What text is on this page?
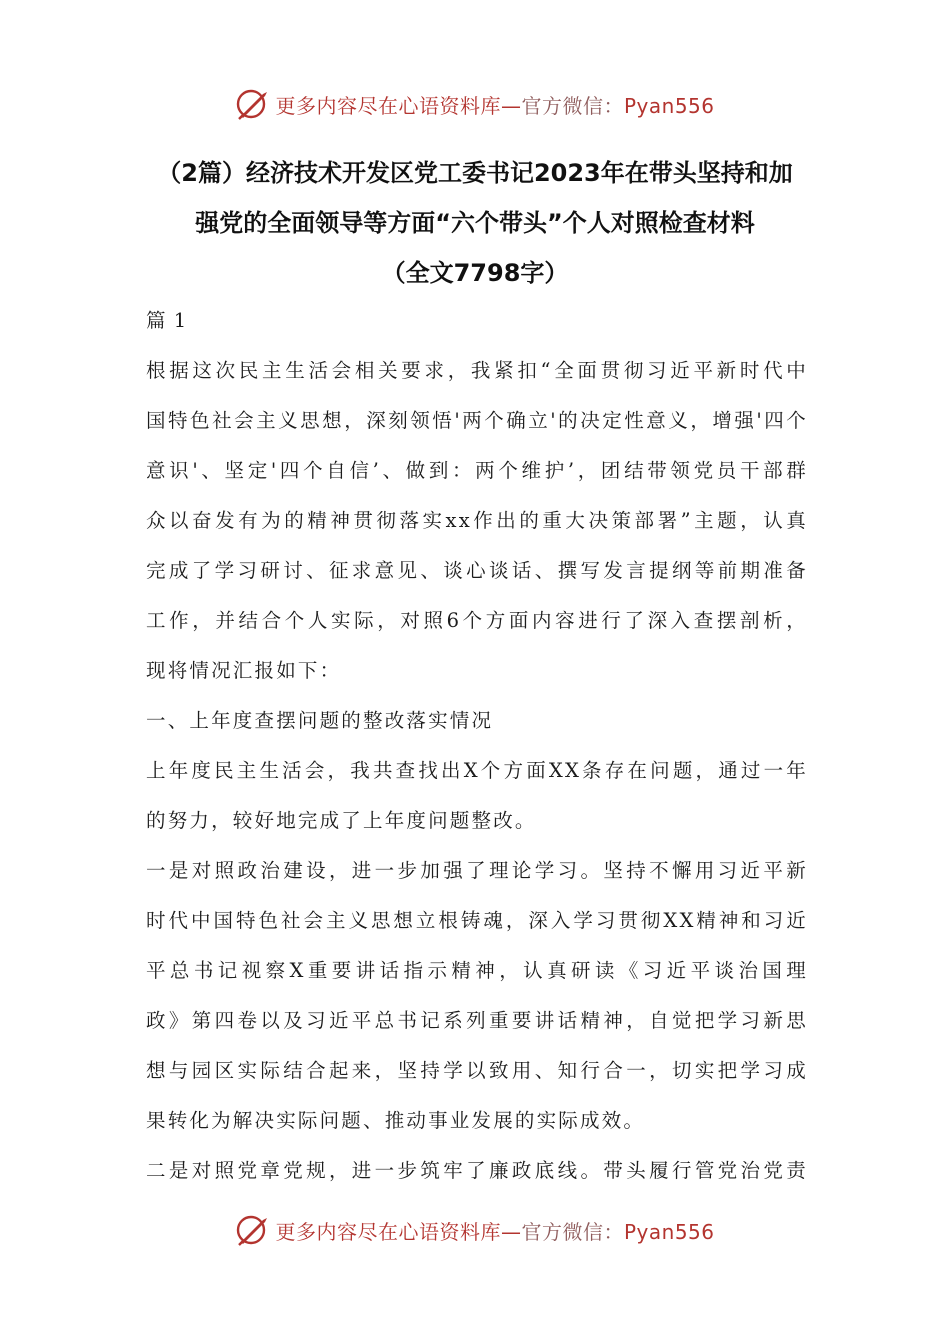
更多内容尽在心语资料库—官方微信：Pyan556

（2篇）经济技术开发区党工委书记2023年在带头坚持和加

强党的全面领导等方面“六个带头”个人对照检查材料

（全文7798字）

篇 1

根据这次民主生活会相关要求，我紧扣“全面贯彻习近平新时代中

国特色社会主义思想，深刻领悟'两个确立'的决定性意义，增强'四个

意识'、坚定'四个自信’、做到：两个维护’，团结带领党员干部群

众以奋发有为的精神贯彻落实xx作出的重大决策部署”主题，认真

完成了学习研讨、征求意见、谈心谈话、撰写发言提纲等前期准备

工作，并结合个人实际，对照6个方面内容进行了深入查摆剖析，

现将情况汇报如下：

一、上年度查摆问题的整改落实情况

上年度民主生活会，我共查找出X个方面XX条存在问题，通过一年

的努力，较好地完成了上年度问题整改。

一是对照政治建设，进一步加强了理论学习。坚持不懈用习近平新

时代中国特色社会主义思想立根铸魂，深入学习贯彻XX精神和习近

平总书记视察X重要讲话指示精神，认真研读《习近平谈治国理

政》第四卷以及习近平总书记系列重要讲话精神，自觉把学习新思

想与园区实际结合起来，坚持学以致用、知行合一，切实把学习成

果转化为解决实际问题、推动事业发展的实际成效。

二是对照党章党规，进一步筑牢了廉政底线。带头履行管党治党责

更多内容尽在心语资料库—官方微信：Pyan556
